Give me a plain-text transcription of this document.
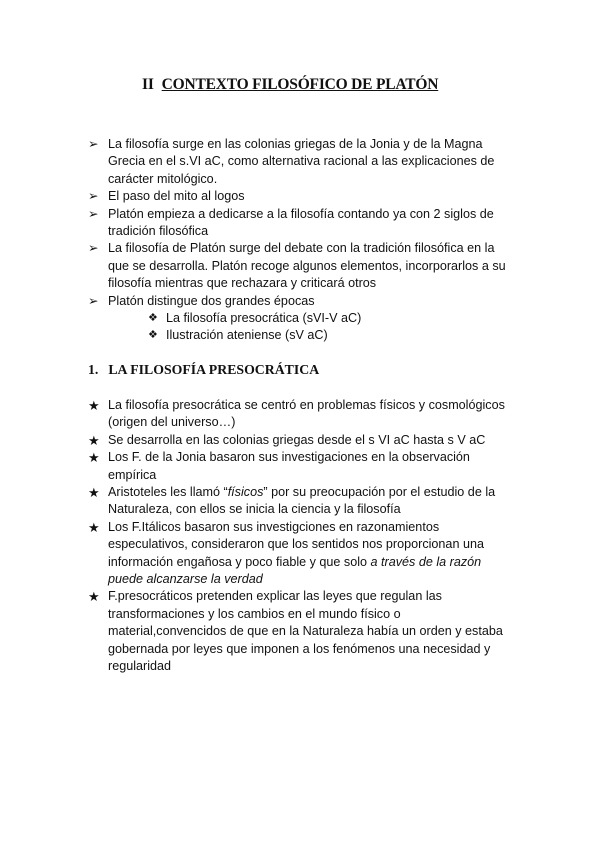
II CONTEXTO FILOSÓFICO DE PLATÓN
➢ La filosofía surge en las colonias griegas de la Jonia y de la Magna
Grecia en el s.VI aC, como alternativa racional a las explicaciones de
carácter mitológico.
➢ El paso del mito al logos
➢ Platón empieza a dedicarse a la filosofía contando ya con 2 siglos de
tradición filosófica
➢ La filosofía de Platón surge del debate con la tradición filosófica en la
que se desarrolla. Platón recoge algunos elementos, incorporarlos a su
filosofía mientras que rechazara y criticará otros
➢ Platón distingue dos grandes épocas
❖ La filosofía presocrática (sVI-V aC)
❖ Ilustración ateniense (sV aC)
1. LA FILOSOFÍA PRESOCRÁTICA
★ La filosofía presocrática se centró en problemas físicos y cosmológicos
(origen del universo…)
★ Se desarrolla en las colonias griegas desde el s VI aC hasta s V aC
★ Los F. de la Jonia basaron sus investigaciones en la observación
empírica
★ Aristoteles les llamó “físicos” por su preocupación por el estudio de la
Naturaleza, con ellos se inicia la ciencia y la filosofía
★ Los F.Itálicos basaron sus investigciones en razonamientos
especulativos, consideraron que los sentidos nos proporcionan una
información engañosa y poco fiable y que solo a través de la razón
puede alcanzarse la verdad
★ F.presocráticos pretenden explicar las leyes que regulan las
transformaciones y los cambios en el mundo físico o
material,convencidos de que en la Naturaleza había un orden y estaba
gobernada por leyes que imponen a los fenómenos una necesidad y
regularidad
